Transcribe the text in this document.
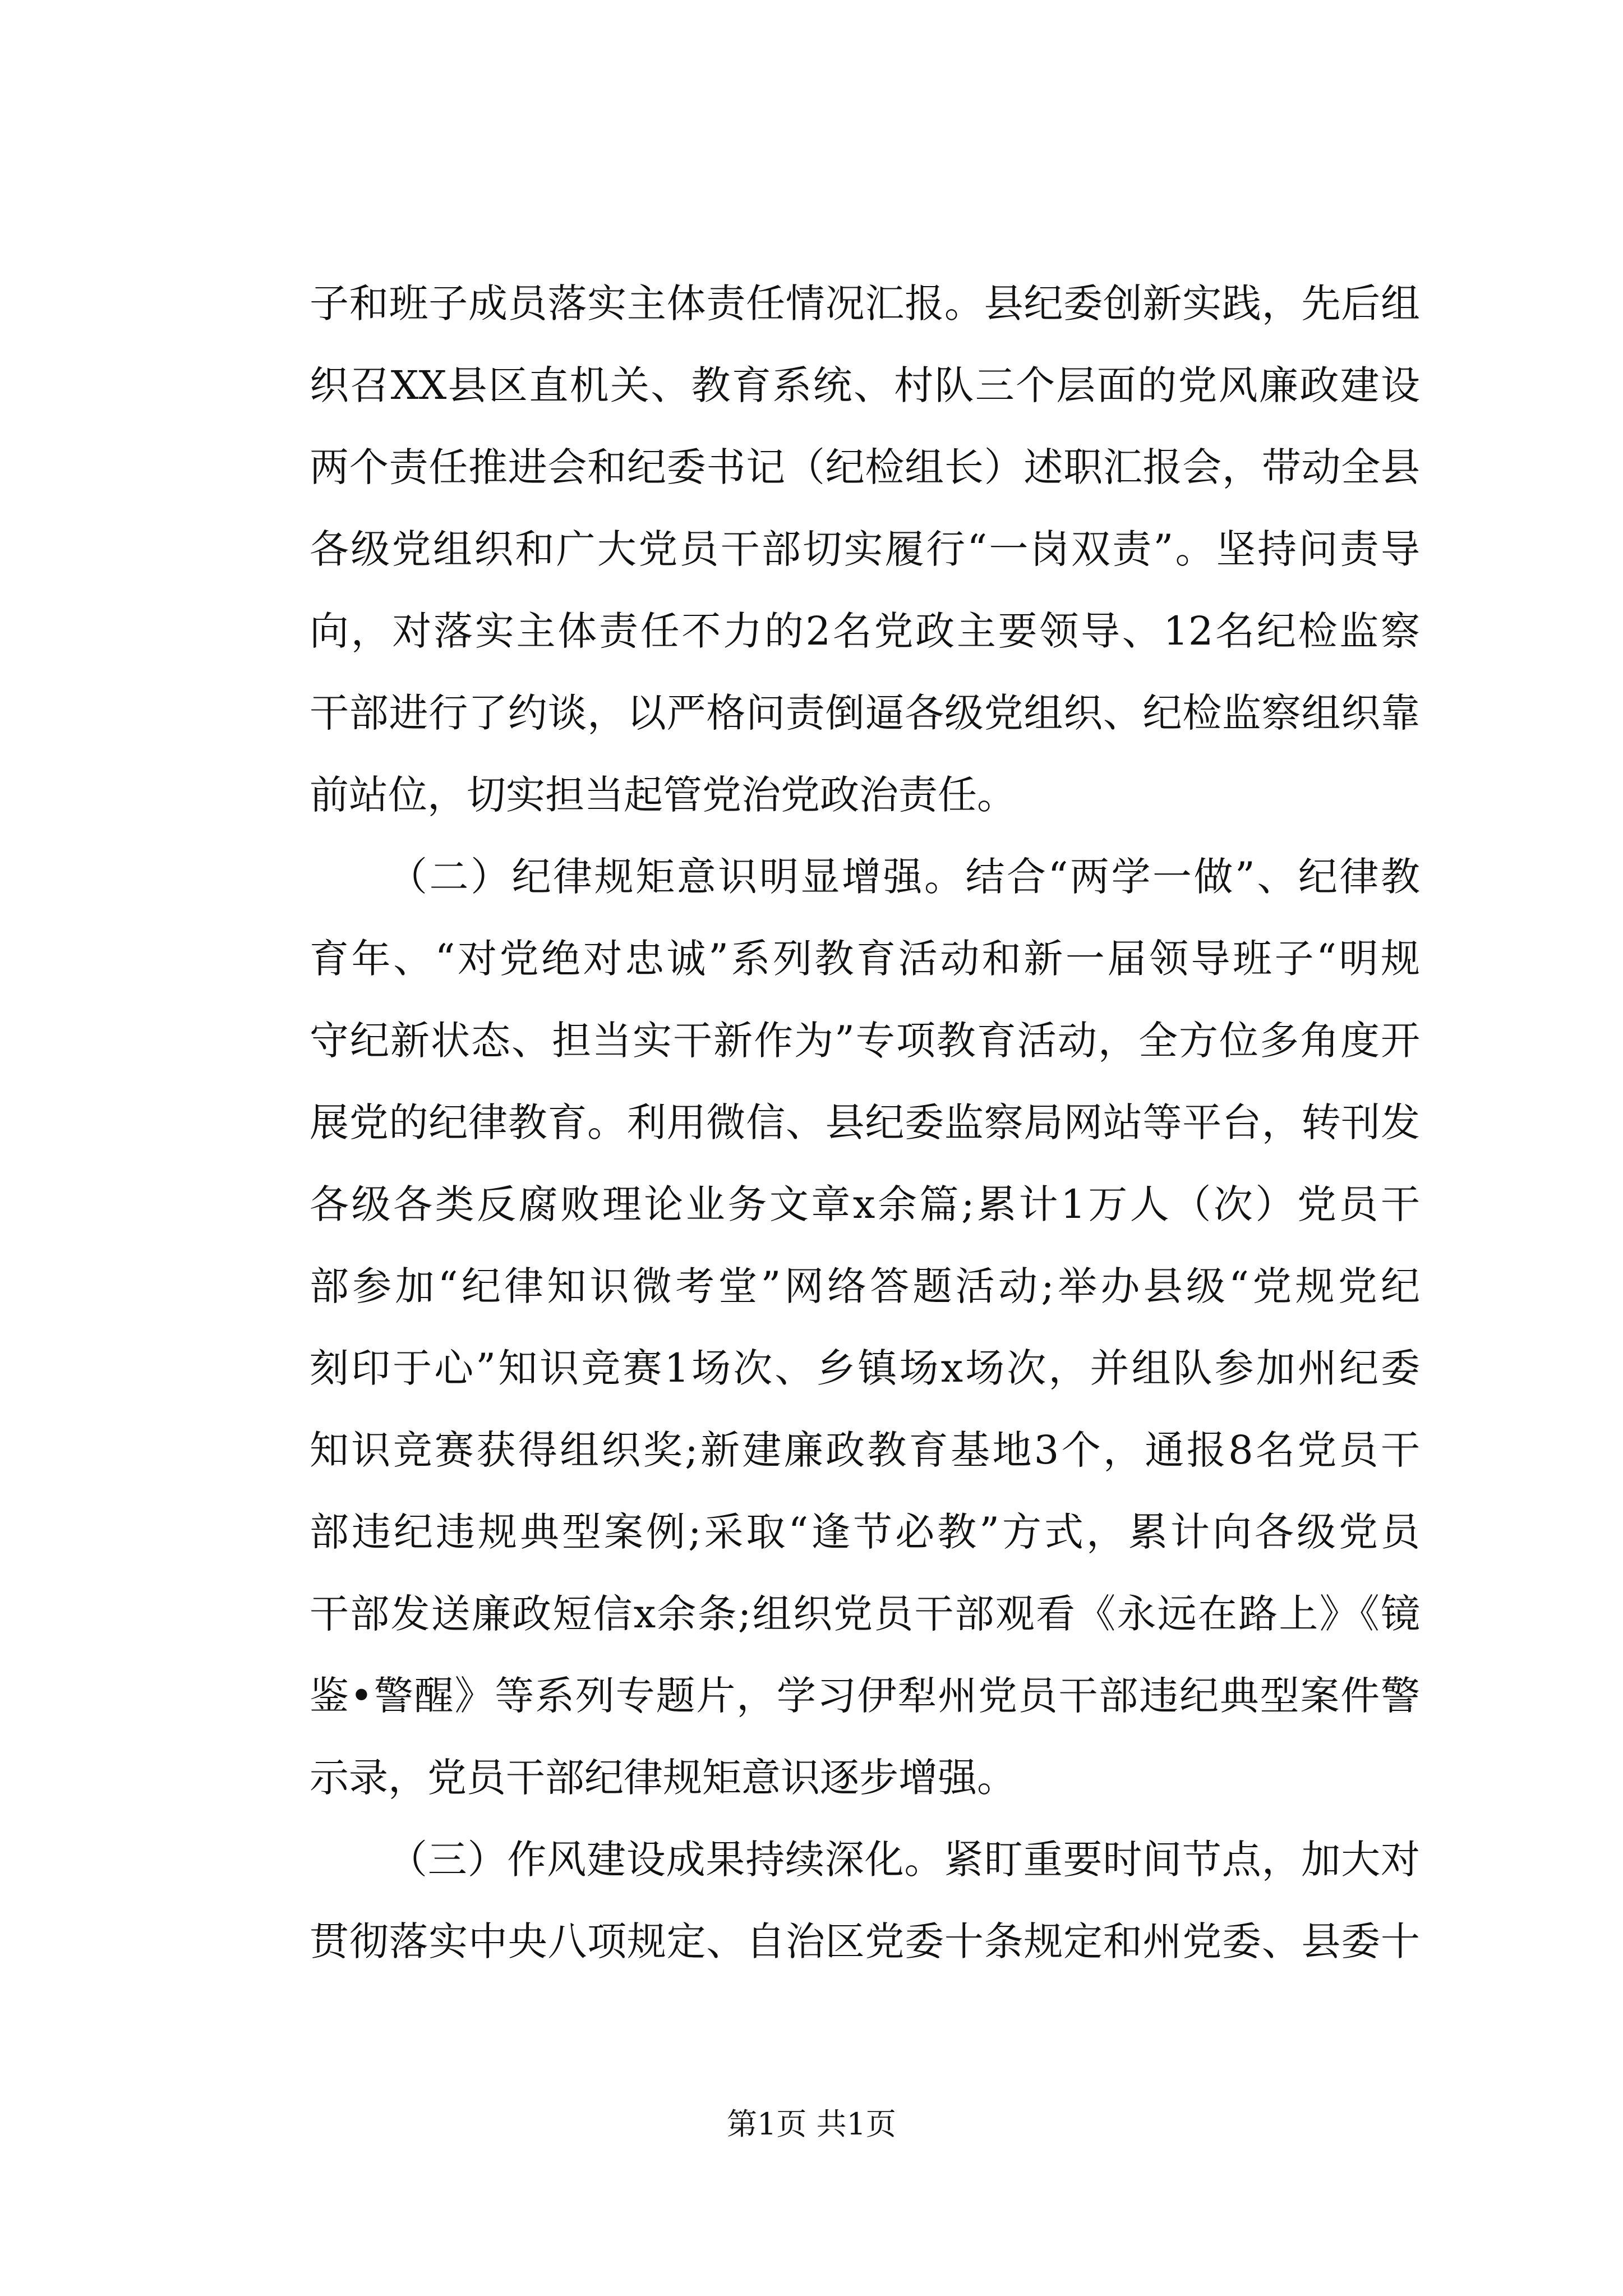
子和班子成员落实主体责任情况汇报。县纪委创新实践，先后组
织召XX县区直机关、教育系统、村队三个层面的党风廉政建设
两个责任推进会和纪委书记（纪检组长）述职汇报会，带动全县
各级党组织和广大党员干部切实履行“一岗双责”。坚持问责导
向，对落实主体责任不力的2名党政主要领导、12名纪检监察
干部进行了约谈，以严格问责倒逼各级党组织、纪检监察组织靠
前站位，切实担当起管党治党政治责任。
（二）纪律规矩意识明显增强。结合“两学一做”、纪律教
育年、“对党绝对忠诚”系列教育活动和新一届领导班子“明规
守纪新状态、担当实干新作为”专项教育活动，全方位多角度开
展党的纪律教育。利用微信、县纪委监察局网站等平台，转刊发
各级各类反腐败理论业务文章x余篇;累计1万人（次）党员干
部参加“纪律知识微考堂”网络答题活动;举办县级“党规党纪
刻印于心”知识竞赛1场次、乡镇场x场次，并组队参加州纪委
知识竞赛获得组织奖;新建廉政教育基地3个，通报8名党员干
部违纪违规典型案例;采取“逢节必教”方式，累计向各级党员
干部发送廉政短信x余条;组织党员干部观看《永远在路上》《镜
鉴•警醒》等系列专题片，学习伊犁州党员干部违纪典型案件警
示录，党员干部纪律规矩意识逐步增强。
（三）作风建设成果持续深化。紧盯重要时间节点，加大对
贯彻落实中央八项规定、自治区党委十条规定和州党委、县委十
第1页 共1页
